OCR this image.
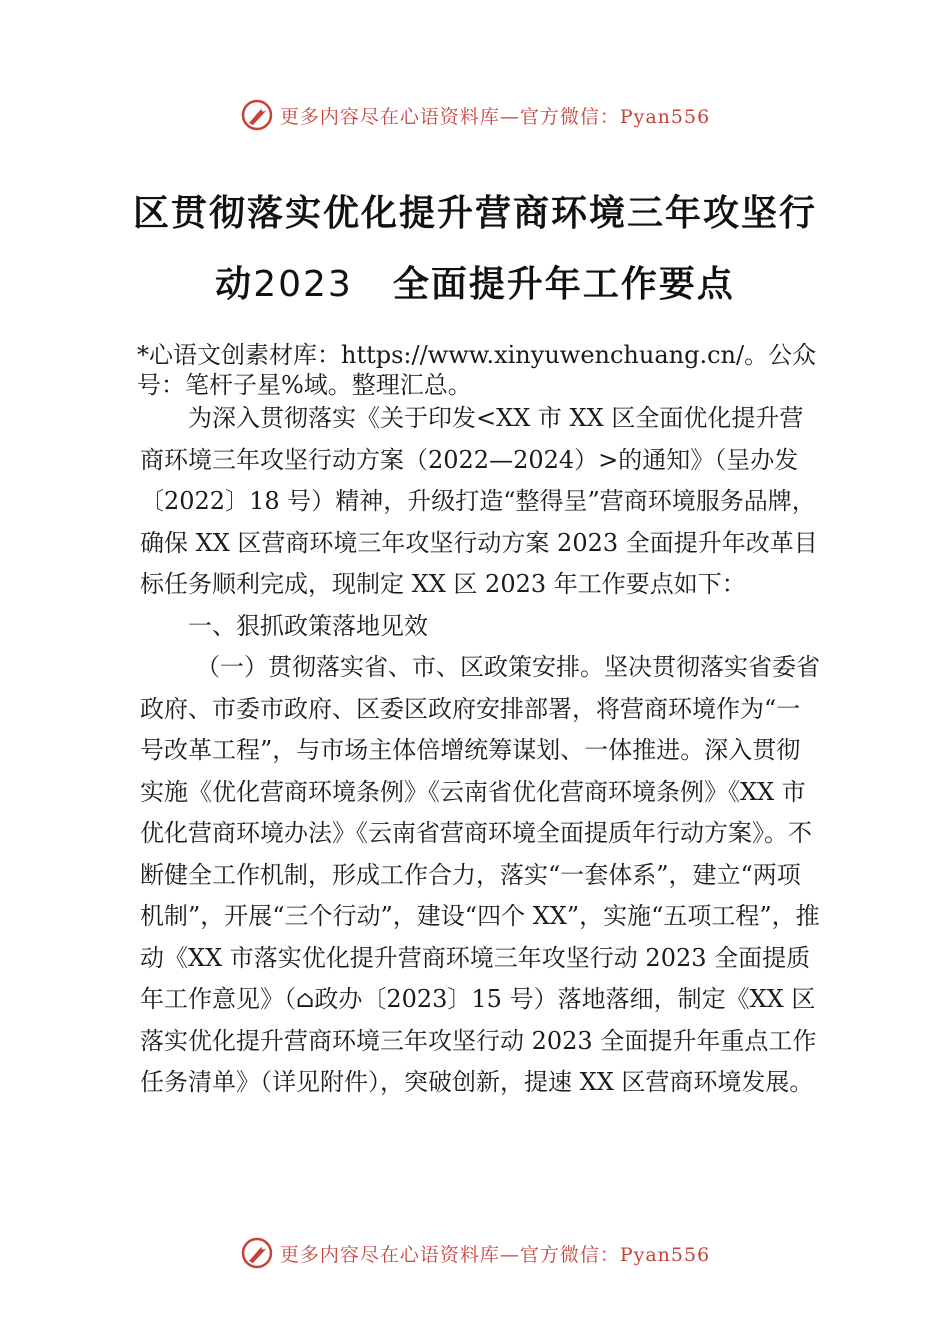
更多内容尽在心语资料库—官方微信：Pyan556
区贯彻落实优化提升营商环境三年攻坚行
动2023 全面提升年工作要点
*心语文创素材库：https://www.xinyuwenchuang.cn/。公众号：笔杆子星%域。整理汇总。

为深入贯彻落实《关于印发<XX 市 XX 区全面优化提升营商环境三年攻坚行动方案（2022—2024）>的通知》（呈办发〔2022〕18 号）精神，升级打造“整得呈”营商环境服务品牌，确保 XX 区营商环境三年攻坚行动方案 2023 全面提升年改革目标任务顺利完成，现制定 XX 区 2023 年工作要点如下：

一、狠抓政策落地见效

（一）贯彻落实省、市、区政策安排。坚决贯彻落实省委省政府、市委市政府、区委区政府安排部署，将营商环境作为“一号改革工程”，与市场主体倍增统筹谋划、一体推进。深入贯彻实施《优化营商环境条例》《云南省优化营商环境条例》《XX 市优化营商环境办法》《云南省营商环境全面提质年行动方案》。不断健全工作机制，形成工作合力，落实“一套体系”，建立“两项机制”，开展“三个行动”，建设“四个 XX”，实施“五项工程”，推动《XX 市落实优化提升营商环境三年攻坚行动 2023 全面提质年工作意见》（⌂政办〔2023〕15 号）落地落细，制定《XX 区落实优化提升营商环境三年攻坚行动 2023 全面提升年重点工作任务清单》（详见附件），突破创新，提速 XX 区营商环境发展。

更多内容尽在心语资料库—官方微信：Pyan556
